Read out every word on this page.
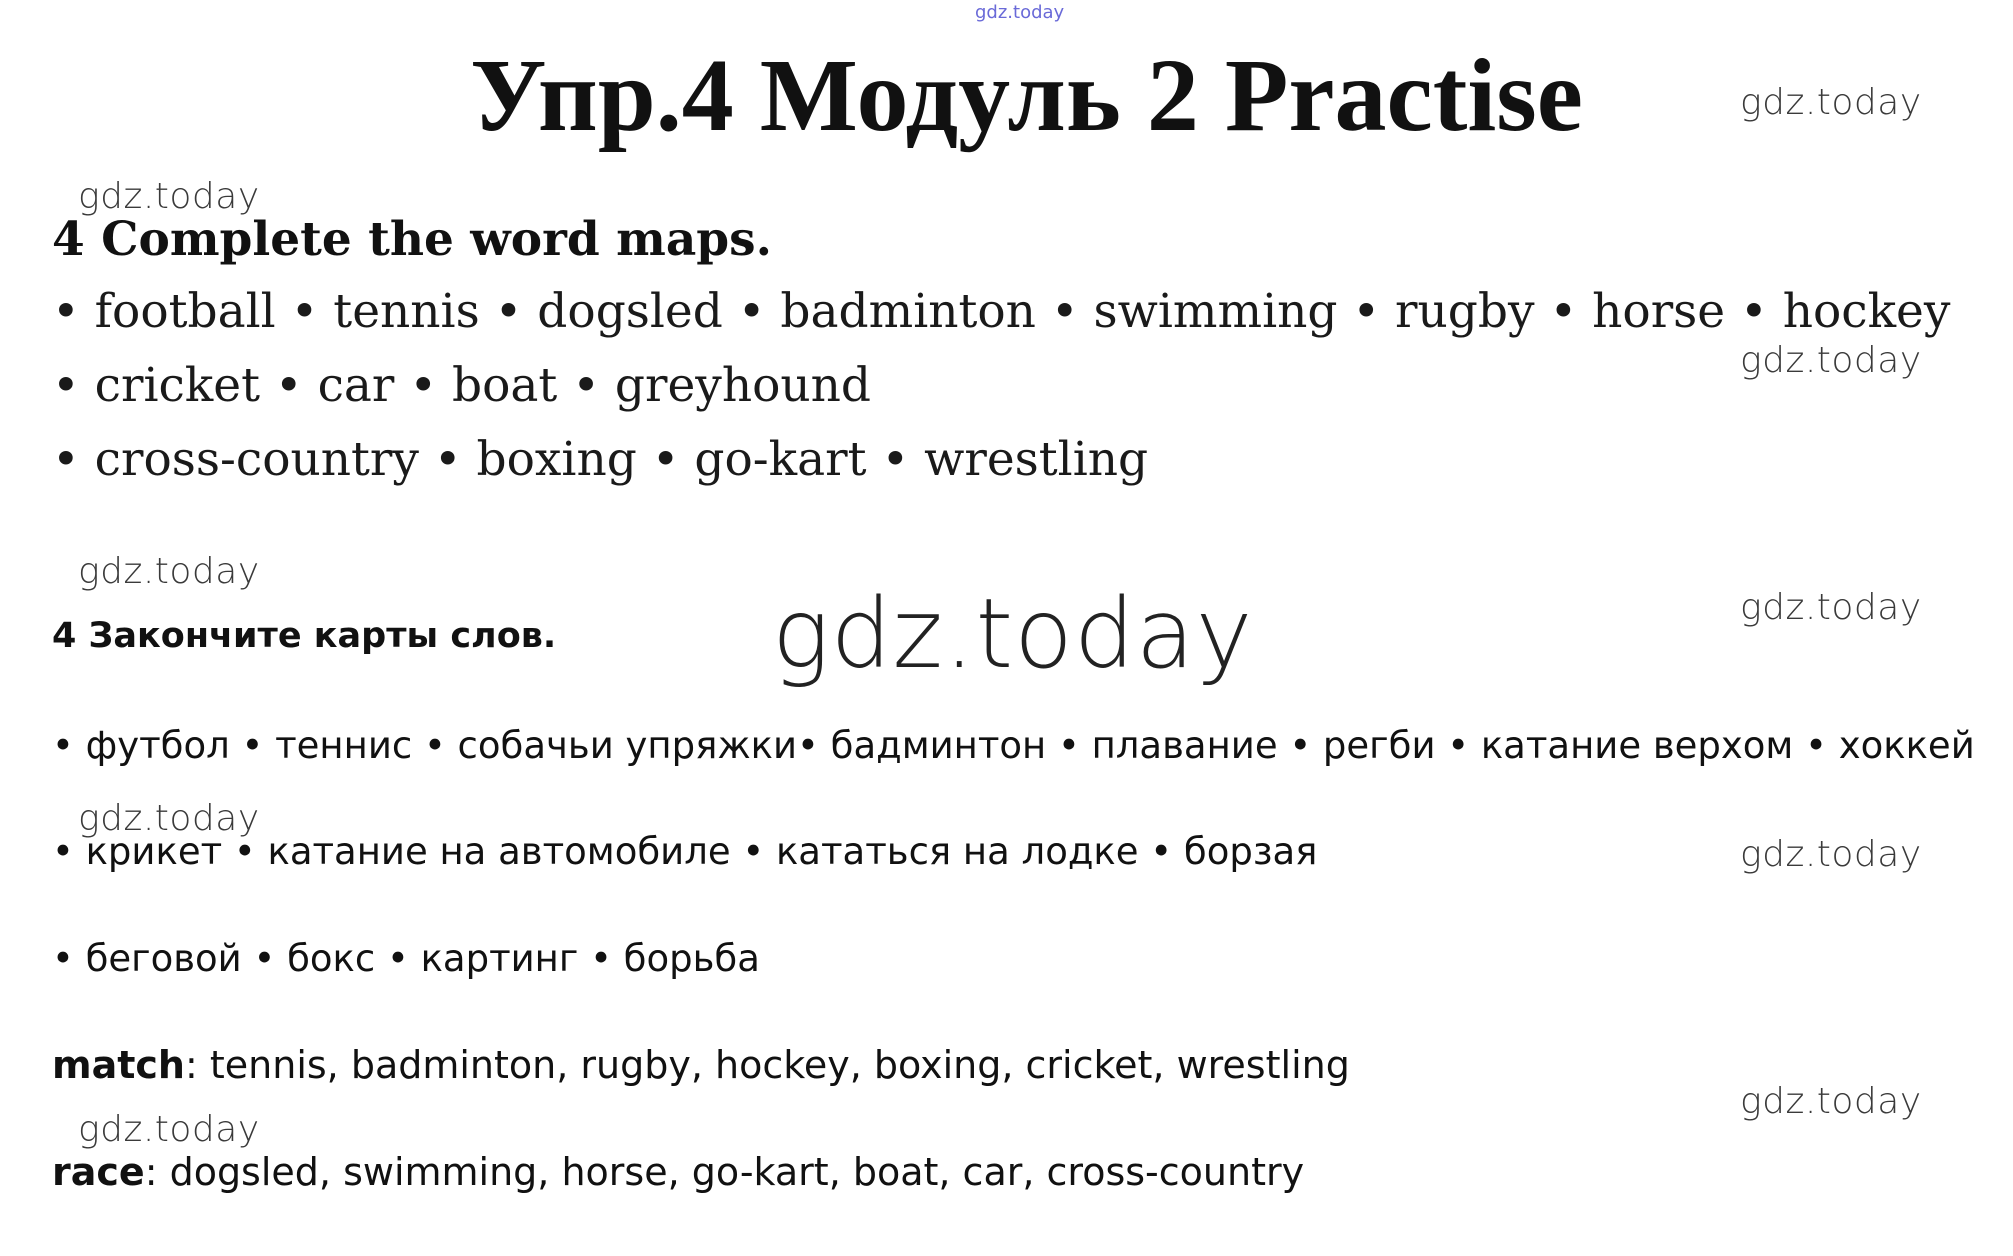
gdz.today
Упр.4 Модуль 2 Practise	gdz.today
gdz.today
gdz.today
gdz.today
gdz.today
gdz.today
gdz.today
gdz.today
gdz.today
gdz.today
4 Complete the word maps.
• football • tennis • dogsled • badminton • swimming • rugby • horse • hockey
• cricket • car • boat • greyhound
• cross-country • boxing • go-kart • wrestling
4 Закончите карты слов.
• футбол • теннис • собачьи упряжки• бадминтон • плавание • регби • катание верхом • хоккей
• крикет • катание на автомобиле • кататься на лодке • борзая
• беговой • бокс • картинг • борьба
match: tennis, badminton, rugby, hockey, boxing, cricket, wrestling
race: dogsled, swimming, horse, go-kart, boat, car, cross-country
